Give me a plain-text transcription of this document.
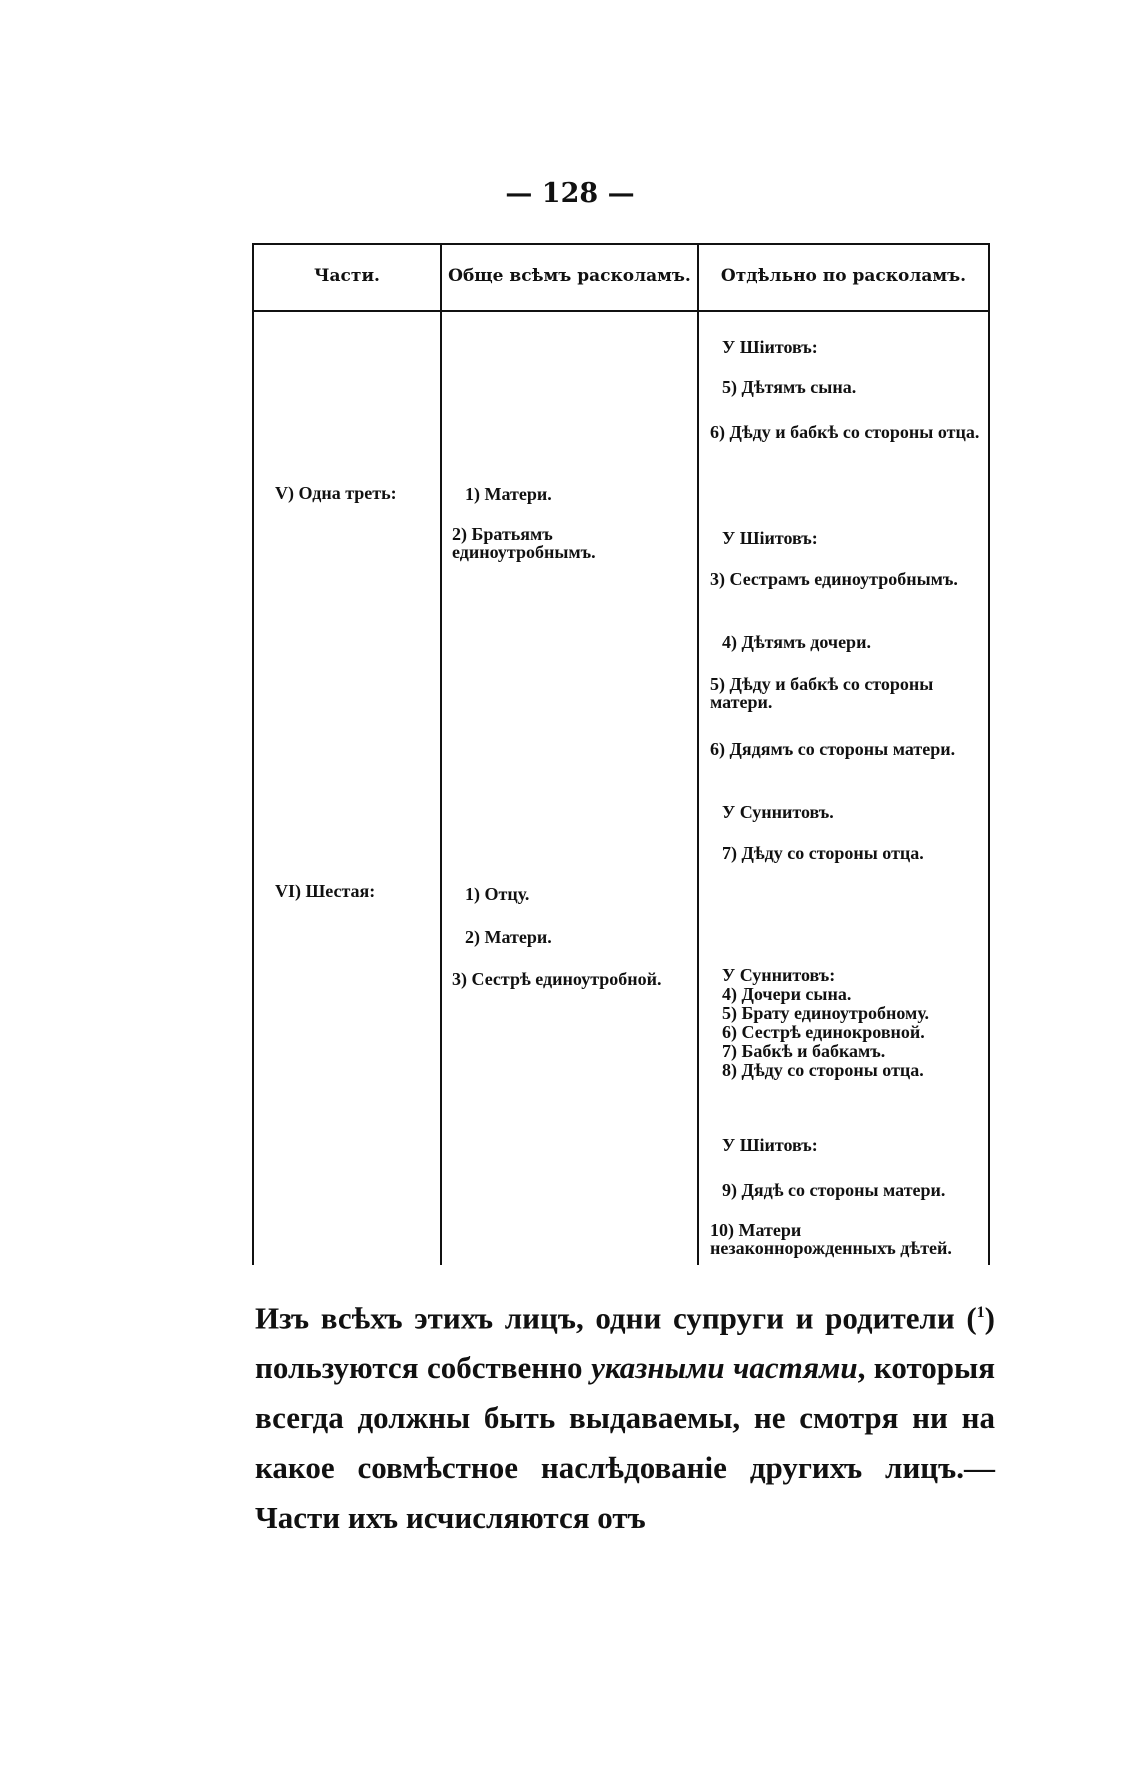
— 128 —
Части.	Обще всѣмъ расколамъ.	Отдѣльно по расколамъ.
V) Одна треть:
VI) Шестая:
1) Матери.
2) Братьямъ единоутробнымъ.
1) Отцу.
2) Матери.
3) Сестрѣ единоутробной.
У Шіитовъ:
5) Дѣтямъ сына.
6) Дѣду и бабкѣ со стороны отца.
У Шіитовъ:
3) Сестрамъ единоутробнымъ.
4) Дѣтямъ дочери.
5) Дѣду и бабкѣ со стороны матери.
6) Дядямъ со стороны матери.
У Суннитовъ.
7) Дѣду со стороны отца.
У Суннитовъ:
4) Дочери сына.
5) Брату единоутробному.
6) Сестрѣ единокровной.
7) Бабкѣ и бабкамъ.
8) Дѣду со стороны отца.
У Шіитовъ:
9) Дядѣ со стороны матери.
10) Матери незаконнорожденныхъ дѣтей.
Изъ всѣхъ этихъ лицъ, одни супруги и родители ($^1$) пользуются собственно указными частями, которыя всегда должны быть выдаваемы, не смотря ни на какое совмѣстное наслѣдованіе другихъ лицъ.—Части ихъ исчисляются отъ
